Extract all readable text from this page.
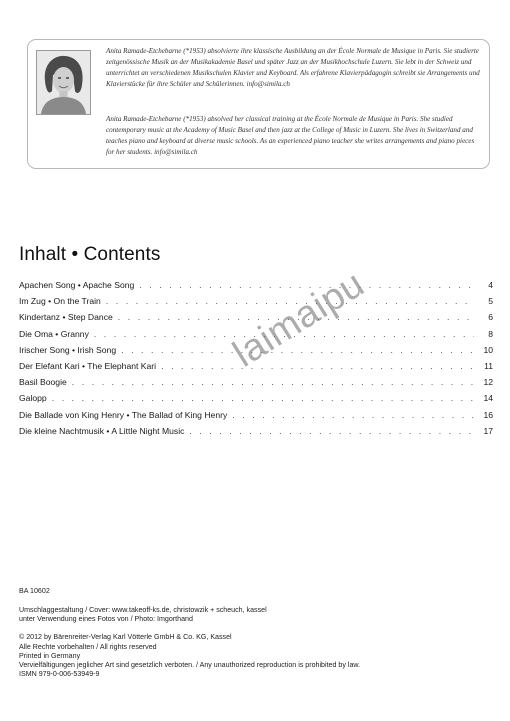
Anita Ramade-Etchebarne (*1953) absolvierte ihre klassische Ausbildung an der École Normale de Musique in Paris. Sie studierte zeitgenössische Musik an der Musikakademie Basel und später Jazz an der Musikhochschule Luzern. Sie lebt in der Schweiz und unterrichtet an verschiedenen Musikschulen Klavier und Keyboard. Als erfahrene Klavierpädagogin schreibt sie Arrangements und Klavierstücke für ihre Schüler und Schülerinnen. info@simila.ch
Anita Ramade-Etchebarne (*1953) absolved her classical training at the École Normale de Musique in Paris. She studied contemporary music at the Academy of Music Basel and then jazz at the College of Music in Luzern. She lives in Switzerland and teaches piano and keyboard at diverse music schools. As an experienced piano teacher she writes arrangements and piano pieces for her students. info@simila.ch
Inhalt • Contents
Apachen Song • Apache Song . . .	4
Im Zug • On the Train . . .	5
Kindertanz • Step Dance . . .	6
Die Oma • Granny . . .	8
Irischer Song • Irish Song . . .	10
Der Elefant Kari • The Elephant Kari . . .	11
Basil Boogie . . .	12
Galopp . . .	14
Die Ballade von King Henry • The Ballad of King Henry . . .	16
Die kleine Nachtmusik • A Little Night Music . . .	17
laimaipu
BA 10602
Umschlaggestaltung / Cover: www.takeoff-ks.de, christowzik + scheuch, kassel
unter Verwendung eines Fotos von / Photo: Imgorthand
© 2012 by Bärenreiter-Verlag Karl Vötterle GmbH & Co. KG, Kassel
Alle Rechte vorbehalten / All rights reserved
Printed in Germany
Vervielfältigungen jeglicher Art sind gesetzlich verboten. / Any unauthorized reproduction is prohibited by law.
ISMN 979-0-006-53949-9
